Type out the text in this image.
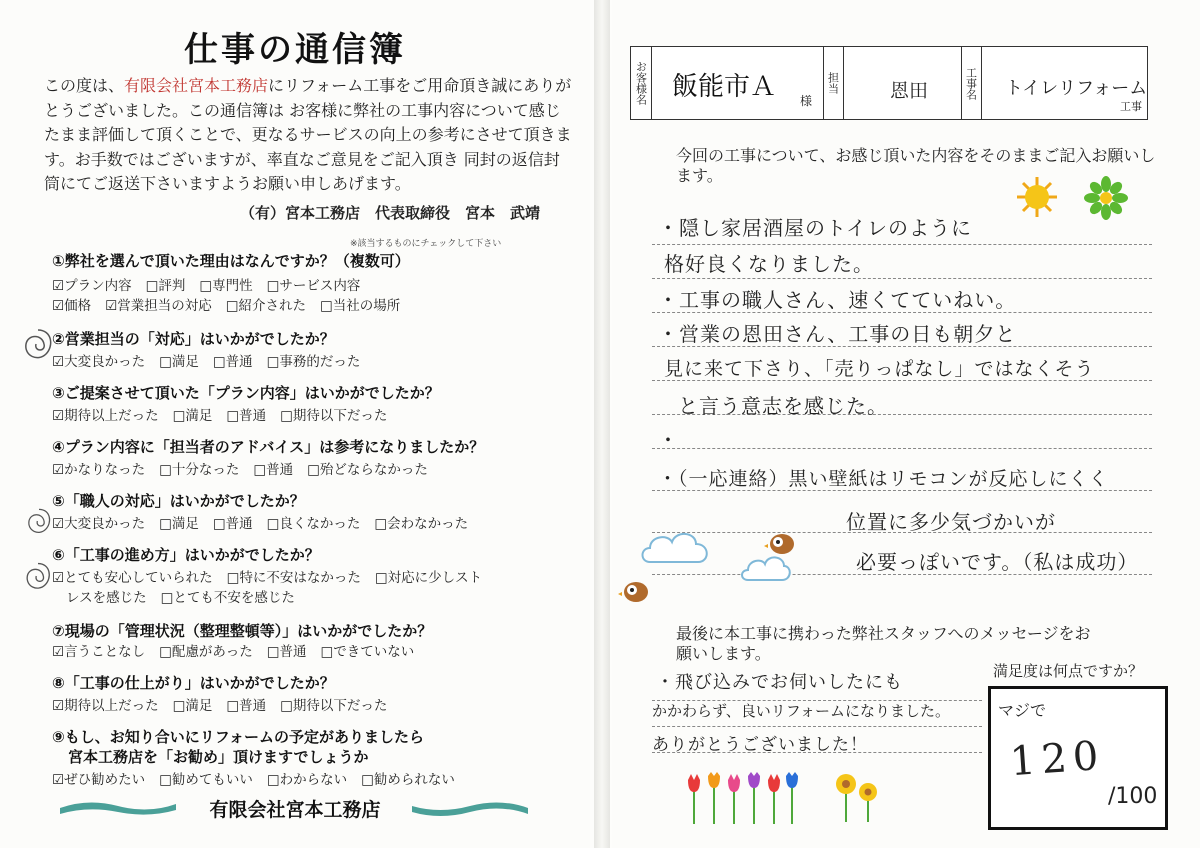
仕事の通信簿
この度は、有限会社宮本工務店にリフォーム工事をご用命頂き誠にありがとうございました。この通信簿は お客様に弊社の工事内容について感じたまま評価して頂くことで、更なるサービスの向上の参考にさせて頂きます。お手数ではございますが、率直なご意見をご記入頂き 同封の返信封筒にてご返送下さいますようお願い申しあげます。
（有）宮本工務店　代表取締役　宮本　武靖
※該当するものにチェックして下さい
①弊社を選んで頂いた理由はなんですか？（複数可）
☑プラン内容 □評判 □専門性 □サービス内容
☑価格 ☑営業担当の対応 □紹介された □当社の場所
②営業担当の「対応」はいかがでしたか？
☑大変良かった □満足 □普通 □事務的だった
③ご提案させて頂いた「プラン内容」はいかがでしたか？
☑期待以上だった □満足 □普通 □期待以下だった
④プラン内容に「担当者のアドバイス」は参考になりましたか？
☑かなりなった □十分なった □普通 □殆どならなかった
⑤「職人の対応」はいかがでしたか？
☑大変良かった □満足 □普通 □良くなかった □会わなかった
⑥「工事の進め方」はいかがでしたか？
☑とても安心していられた □特に不安はなかった □対応に少しスト
レスを感じた □とても不安を感じた
⑦現場の「管理状況（整理整頓等）」はいかがでしたか？
☑言うことなし □配慮があった □普通 □できていない
⑧「工事の仕上がり」はいかがでしたか？
☑期待以上だった □満足 □普通 □期待以下だった
⑨もし、お知り合いにリフォームの予定がありましたら
宮本工務店を「お勧め」頂けますでしょうか
☑ぜひ勧めたい □勧めてもいい □わからない □勧められない
有限会社宮本工務店
お客様名	担当	工事名
飯能市Ａ 様	恩田	トイレリフォーム
工事
今回の工事について、お感じ頂いた内容をそのままご記入お願いします。
・隠し家居酒屋のトイレのように
格好良くなりました。
・工事の職人さん、速くてていねい。
・営業の恩田さん、工事の日も朝夕と
見に来て下さり、「売りっぱなし」ではなくそう
と言う意志を感じた。
・
・（一応連絡）黒い壁紙はリモコンが反応しにくく
位置に多少気づかいが
必要っぽいです。（私は成功）
最後に本工事に携わった弊社スタッフへのメッセージをお願いします。
・飛び込みでお伺いしたにも
かかわらず、良いリフォームになりました。
ありがとうございました！
満足度は何点ですか？
マジで
120
/100
